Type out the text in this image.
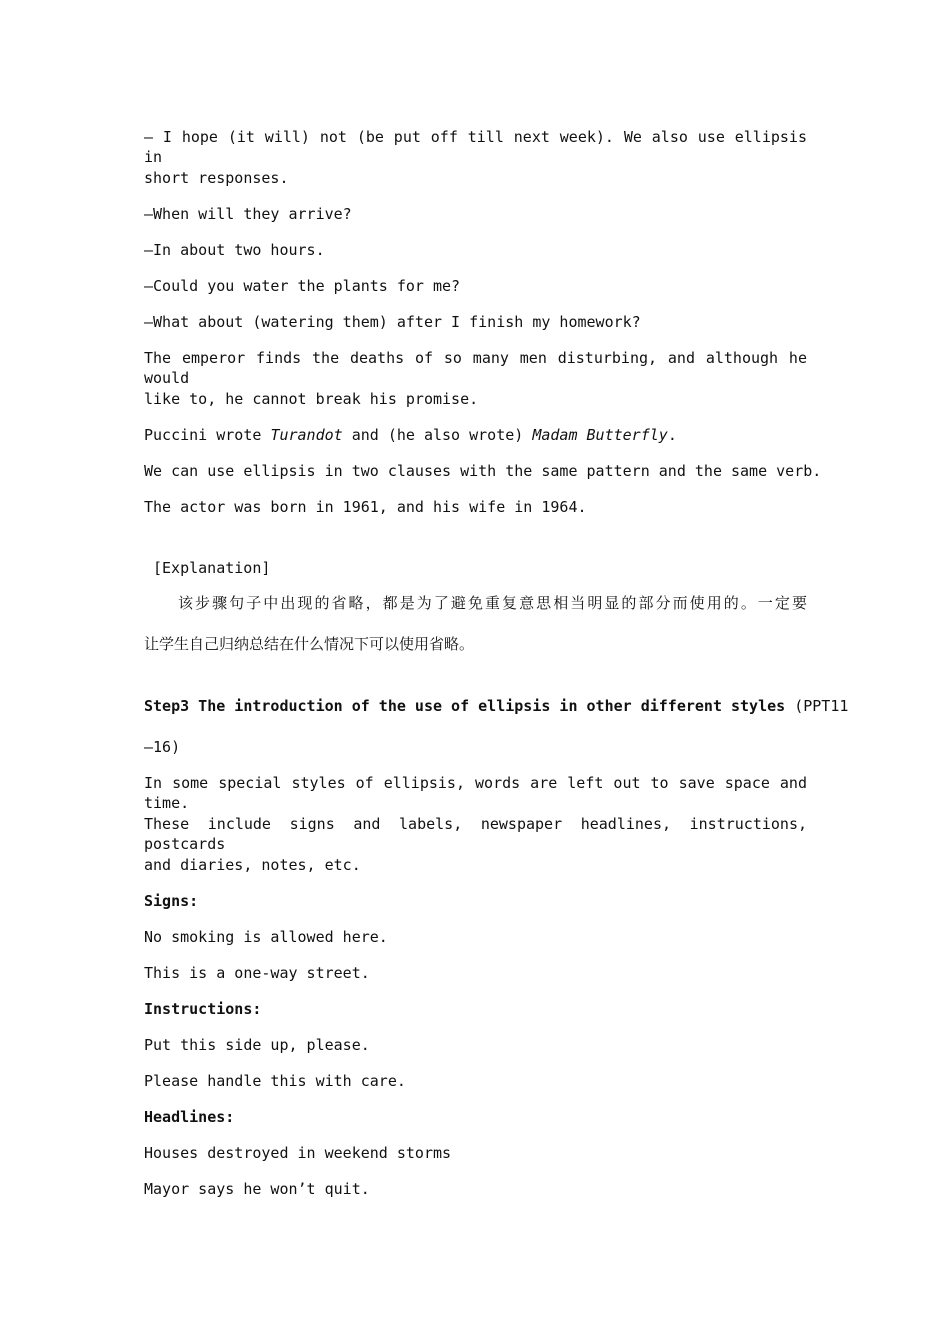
— I hope (it will) not (be put off till next week). We also use ellipsis in
short responses.
—When will they arrive?
—In about two hours.
—Could you water the plants for me?
—What about (watering them) after I finish my homework?
The emperor finds the deaths of so many men disturbing, and although he would
like to, he cannot break his promise.
Puccini wrote Turandot and (he also wrote) Madam Butterfly.
We can use ellipsis in two clauses with the same pattern and the same verb.
The actor was born in 1961, and his wife in 1964.
[Explanation]
该步骤句子中出现的省略，都是为了避免重复意思相当明显的部分而使用的。一定要
让学生自己归纳总结在什么情况下可以使用省略。
Step3 The introduction of the use of ellipsis in other different styles (PPT11
—16)
In some special styles of ellipsis, words are left out to save space and time.
These include signs and labels, newspaper headlines, instructions, postcards
and diaries, notes, etc.
Signs:
No smoking is allowed here.
This is a one-way street.
Instructions:
Put this side up, please.
Please handle this with care.
Headlines:
Houses destroyed in weekend storms
Mayor says he won’t quit.
